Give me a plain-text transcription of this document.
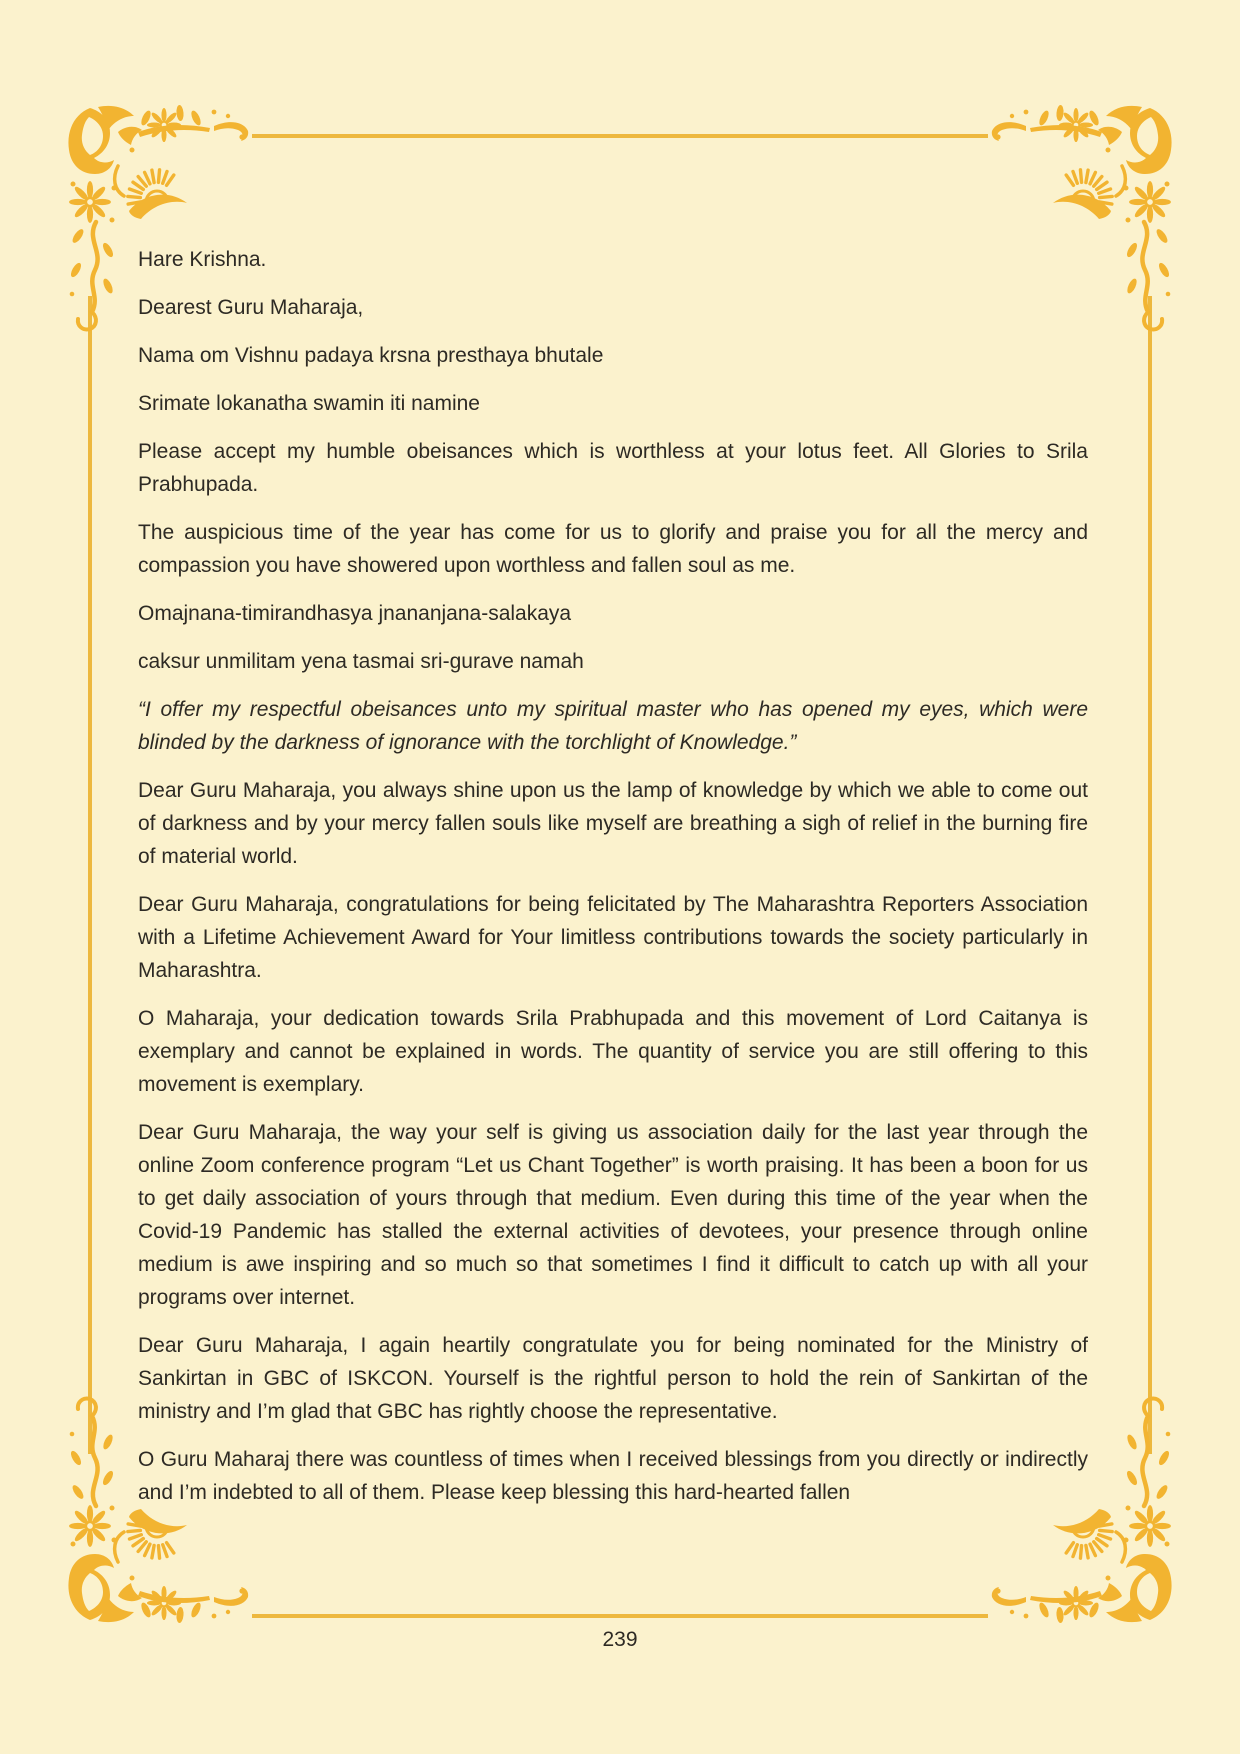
Hare Krishna.

Dearest Guru Maharaja,

Nama om Vishnu padaya krsna presthaya bhutale

Srimate lokanatha swamin iti namine

Please accept my humble obeisances which is worthless at your lotus feet. All Glories to Srila Prabhupada.

The auspicious time of the year has come for us to glorify and praise you for all the mercy and compassion you have showered upon worthless and fallen soul as me.

Omajnana-timirandhasya jnananjana-salakaya

caksur unmilitam yena tasmai sri-gurave namah

“I offer my respectful obeisances unto my spiritual master who has opened my eyes, which were blinded by the darkness of ignorance with the torchlight of Knowledge.”

Dear Guru Maharaja, you always shine upon us the lamp of knowledge by which we able to come out of darkness and by your mercy fallen souls like myself are breathing a sigh of relief in the burning fire of material world.

Dear Guru Maharaja, congratulations for being felicitated by The Maharashtra Reporters Association with a Lifetime Achievement Award for Your limitless contributions towards the society particularly in Maharashtra.

O Maharaja, your dedication towards Srila Prabhupada and this movement of Lord Caitanya is exemplary and cannot be explained in words. The quantity of service you are still offering to this movement is exemplary.

Dear Guru Maharaja, the way your self is giving us association daily for the last year through the online Zoom conference program “Let us Chant Together” is worth praising. It has been a boon for us to get daily association of yours through that medium. Even during this time of the year when the Covid-19 Pandemic has stalled the external activities of devotees, your presence through online medium is awe inspiring and so much so that sometimes I find it difficult to catch up with all your programs over internet.

Dear Guru Maharaja, I again heartily congratulate you for being nominated for the Ministry of Sankirtan in GBC of ISKCON. Yourself is the rightful person to hold the rein of Sankirtan of the ministry and I’m glad that GBC has rightly choose the representative.

O Guru Maharaj there was countless of times when I received blessings from you directly or indirectly and I’m indebted to all of them. Please keep blessing this hard-hearted fallen

239
